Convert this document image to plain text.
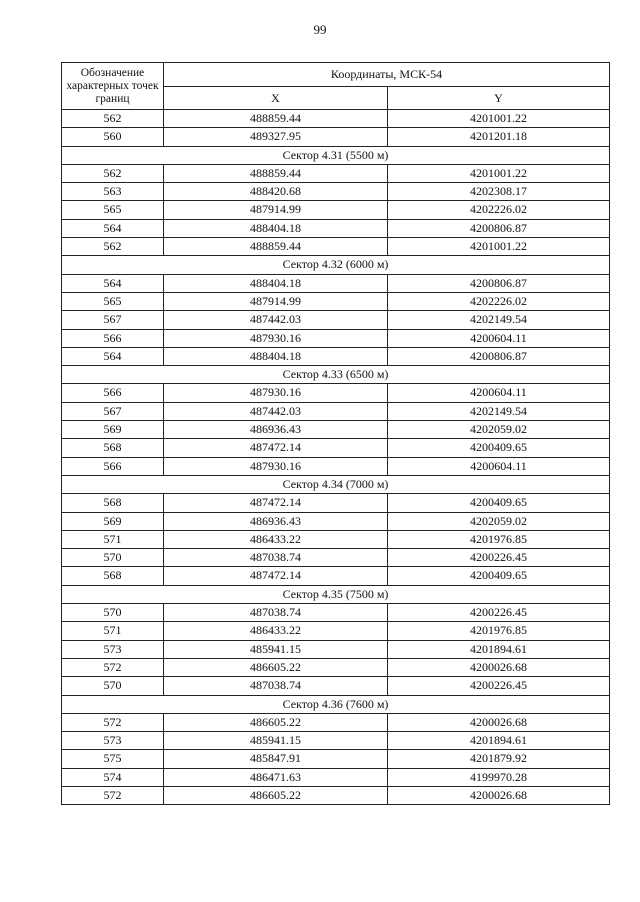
99
Обозначение характерных точек границ	Координаты, МСК-54	
	X	Y
562	488859.44	4201001.22
560	489327.95	4201201.18
Сектор 4.31 (5500 м)		
562	488859.44	4201001.22
563	488420.68	4202308.17
565	487914.99	4202226.02
564	488404.18	4200806.87
562	488859.44	4201001.22
Сектор 4.32 (6000 м)		
564	488404.18	4200806.87
565	487914.99	4202226.02
567	487442.03	4202149.54
566	487930.16	4200604.11
564	488404.18	4200806.87
Сектор 4.33 (6500 м)		
566	487930.16	4200604.11
567	487442.03	4202149.54
569	486936.43	4202059.02
568	487472.14	4200409.65
566	487930.16	4200604.11
Сектор 4.34 (7000 м)		
568	487472.14	4200409.65
569	486936.43	4202059.02
571	486433.22	4201976.85
570	487038.74	4200226.45
568	487472.14	4200409.65
Сектор 4.35 (7500 м)		
570	487038.74	4200226.45
571	486433.22	4201976.85
573	485941.15	4201894.61
572	486605.22	4200026.68
570	487038.74	4200226.45
Сектор 4.36 (7600 м)		
572	486605.22	4200026.68
573	485941.15	4201894.61
575	485847.91	4201879.92
574	486471.63	4199970.28
572	486605.22	4200026.68
